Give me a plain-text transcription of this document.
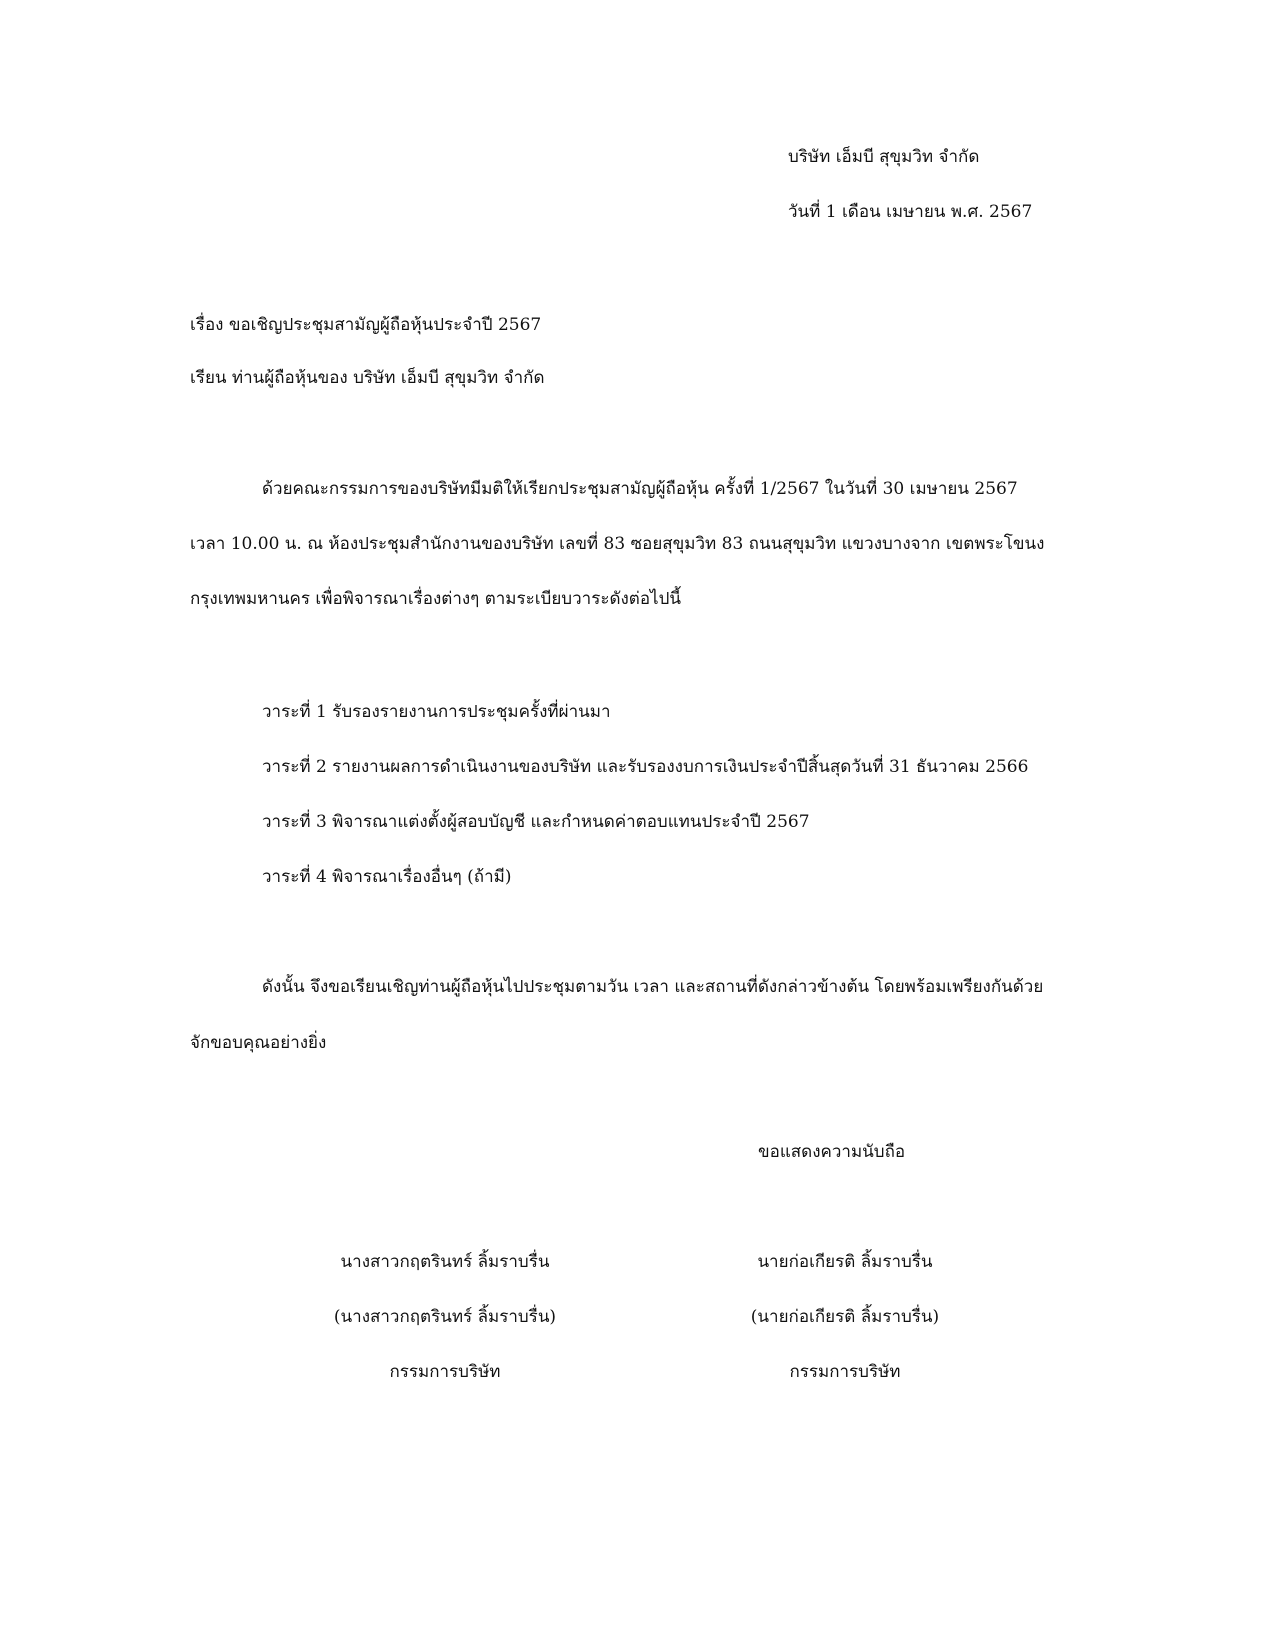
บริษัท เอ็มบี สุขุมวิท จำกัด
วันที่ 1 เดือน เมษายน พ.ศ. 2567
เรื่อง ขอเชิญประชุมสามัญผู้ถือหุ้นประจำปี 2567
เรียน ท่านผู้ถือหุ้นของ บริษัท เอ็มบี สุขุมวิท จำกัด
ด้วยคณะกรรมการของบริษัทมีมติให้เรียกประชุมสามัญผู้ถือหุ้น ครั้งที่ 1/2567 ในวันที่ 30 เมษายน 2567
เวลา 10.00 น. ณ ห้องประชุมสำนักงานของบริษัท เลขที่ 83 ซอยสุขุมวิท 83 ถนนสุขุมวิท แขวงบางจาก เขตพระโขนง
กรุงเทพมหานคร เพื่อพิจารณาเรื่องต่างๆ ตามระเบียบวาระดังต่อไปนี้
วาระที่ 1 รับรองรายงานการประชุมครั้งที่ผ่านมา
วาระที่ 2 รายงานผลการดำเนินงานของบริษัท และรับรองงบการเงินประจำปีสิ้นสุดวันที่ 31 ธันวาคม 2566
วาระที่ 3 พิจารณาแต่งตั้งผู้สอบบัญชี และกำหนดค่าตอบแทนประจำปี 2567
วาระที่ 4 พิจารณาเรื่องอื่นๆ (ถ้ามี)
ดังนั้น จึงขอเรียนเชิญท่านผู้ถือหุ้นไปประชุมตามวัน เวลา และสถานที่ดังกล่าวข้างต้น โดยพร้อมเพรียงกันด้วย
จักขอบคุณอย่างยิ่ง
ขอแสดงความนับถือ
นางสาวกฤตรินทร์ ลิ้มราบรื่น
(นางสาวกฤตรินทร์ ลิ้มราบรื่น)
กรรมการบริษัท
นายก่อเกียรติ ลิ้มราบรื่น
(นายก่อเกียรติ ลิ้มราบรื่น)
กรรมการบริษัท
